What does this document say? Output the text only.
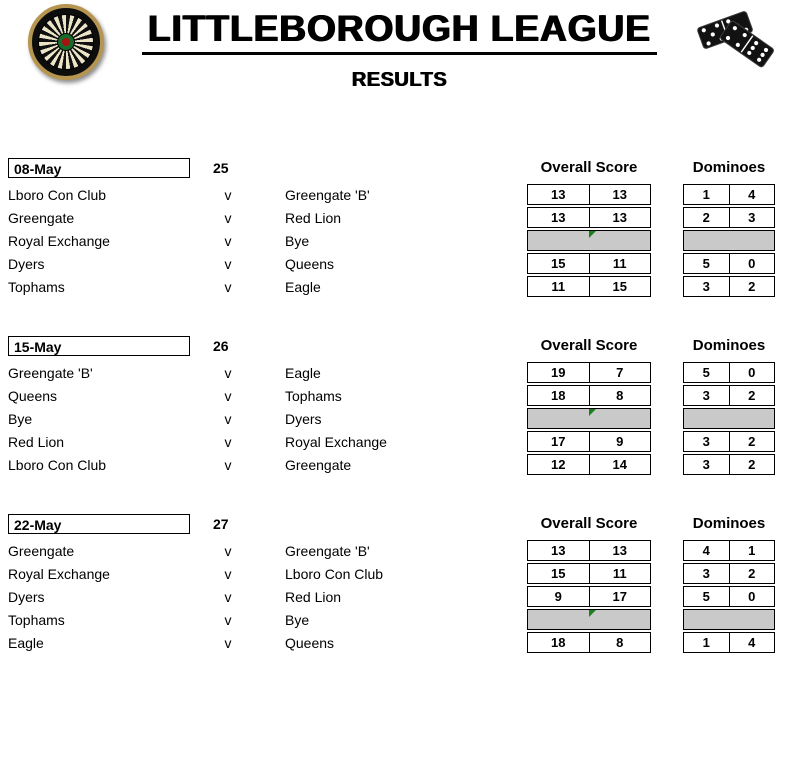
LITTLEBOROUGH LEAGUE
RESULTS
08-May	25	Overall Score	Dominoes
Lboro Con Club	v	Greengate 'B'	13	13	1	4
Greengate	v	Red Lion	13	13	2	3
Royal Exchange	v	Bye
Dyers	v	Queens	15	11	5	0
Tophams	v	Eagle	11	15	3	2
15-May	26	Overall Score	Dominoes
Greengate 'B'	v	Eagle	19	7	5	0
Queens	v	Tophams	18	8	3	2
Bye	v	Dyers
Red Lion	v	Royal Exchange	17	9	3	2
Lboro Con Club	v	Greengate	12	14	3	2
22-May	27	Overall Score	Dominoes
Greengate	v	Greengate 'B'	13	13	4	1
Royal Exchange	v	Lboro Con Club	15	11	3	2
Dyers	v	Red Lion	9	17	5	0
Tophams	v	Bye
Eagle	v	Queens	18	8	1	4
